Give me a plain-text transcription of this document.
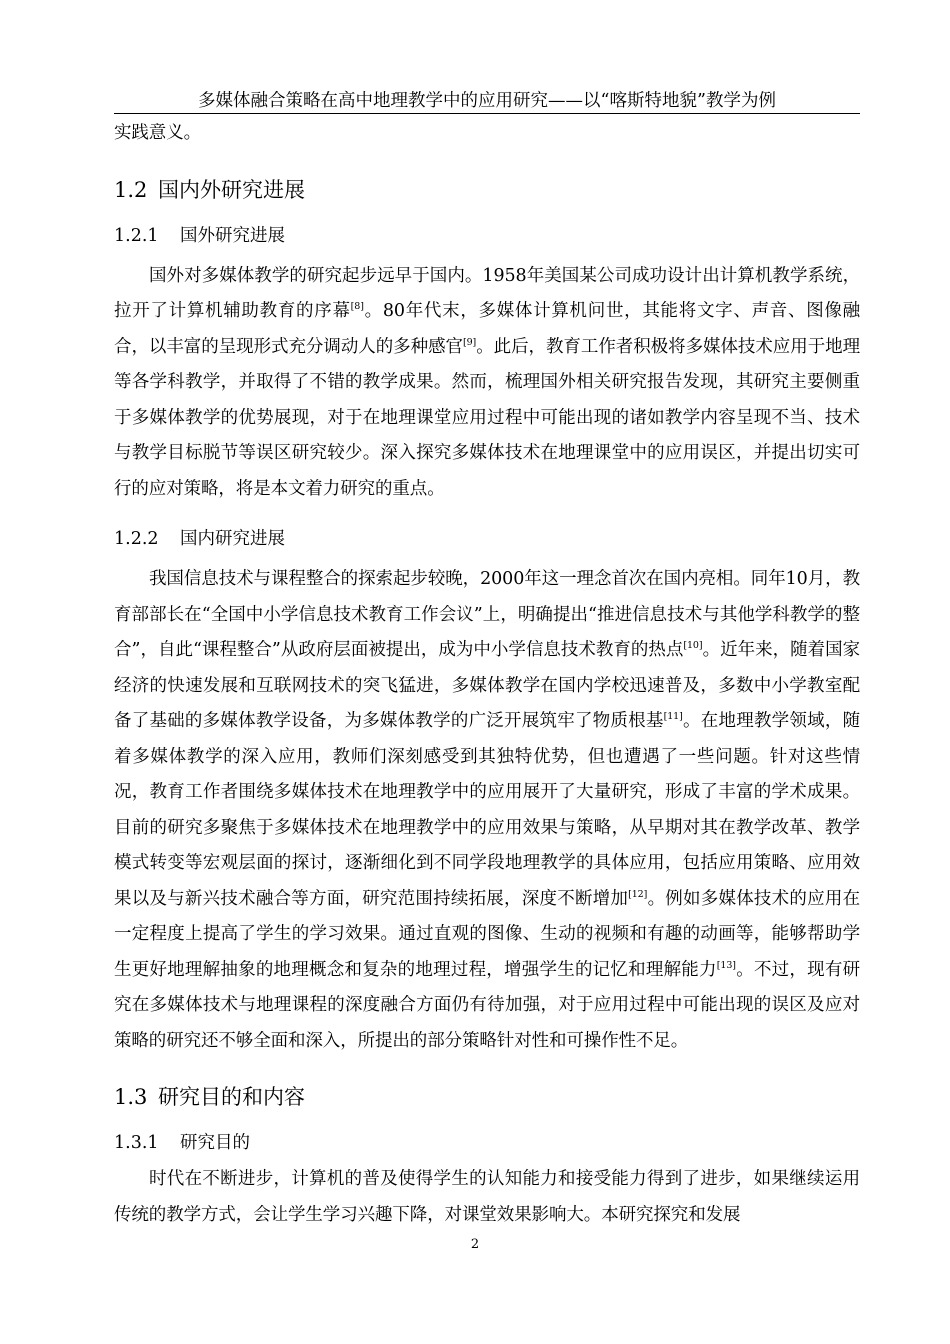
多媒体融合策略在高中地理教学中的应用研究——以“喀斯特地貌”教学为例

实践意义。

1.2 国内外研究进展
1.2.1 国外研究进展

国外对多媒体教学的研究起步远早于国内。1958年美国某公司成功设计出计算机教学系统，拉开了计算机辅助教育的序幕[8]。80年代末，多媒体计算机问世，其能将文字、声音、图像融合，以丰富的呈现形式充分调动人的多种感官[9]。此后，教育工作者积极将多媒体技术应用于地理等各学科教学，并取得了不错的教学成果。然而，梳理国外相关研究报告发现，其研究主要侧重于多媒体教学的优势展现，对于在地理课堂应用过程中可能出现的诸如教学内容呈现不当、技术与教学目标脱节等误区研究较少。深入探究多媒体技术在地理课堂中的应用误区，并提出切实可行的应对策略，将是本文着力研究的重点。

1.2.2 国内研究进展

我国信息技术与课程整合的探索起步较晚，2000年这一理念首次在国内亮相。同年10月，教育部部长在“全国中小学信息技术教育工作会议”上，明确提出“推进信息技术与其他学科教学的整合”，自此“课程整合”从政府层面被提出，成为中小学信息技术教育的热点[10]。近年来，随着国家经济的快速发展和互联网技术的突飞猛进，多媒体教学在国内学校迅速普及，多数中小学教室配备了基础的多媒体教学设备，为多媒体教学的广泛开展筑牢了物质根基[11]。在地理教学领域，随着多媒体教学的深入应用，教师们深刻感受到其独特优势，但也遭遇了一些问题。针对这些情况，教育工作者围绕多媒体技术在地理教学中的应用展开了大量研究，形成了丰富的学术成果。目前的研究多聚焦于多媒体技术在地理教学中的应用效果与策略，从早期对其在教学改革、教学模式转变等宏观层面的探讨，逐渐细化到不同学段地理教学的具体应用，包括应用策略、应用效果以及与新兴技术融合等方面，研究范围持续拓展，深度不断增加[12]。例如多媒体技术的应用在一定程度上提高了学生的学习效果。通过直观的图像、生动的视频和有趣的动画等，能够帮助学生更好地理解抽象的地理概念和复杂的地理过程，增强学生的记忆和理解能力[13]。不过，现有研究在多媒体技术与地理课程的深度融合方面仍有待加强，对于应用过程中可能出现的误区及应对策略的研究还不够全面和深入，所提出的部分策略针对性和可操作性不足。

1.3 研究目的和内容
1.3.1 研究目的

时代在不断进步，计算机的普及使得学生的认知能力和接受能力得到了进步，如果继续运用传统的教学方式，会让学生学习兴趣下降，对课堂效果影响大。本研究探究和发展

2
